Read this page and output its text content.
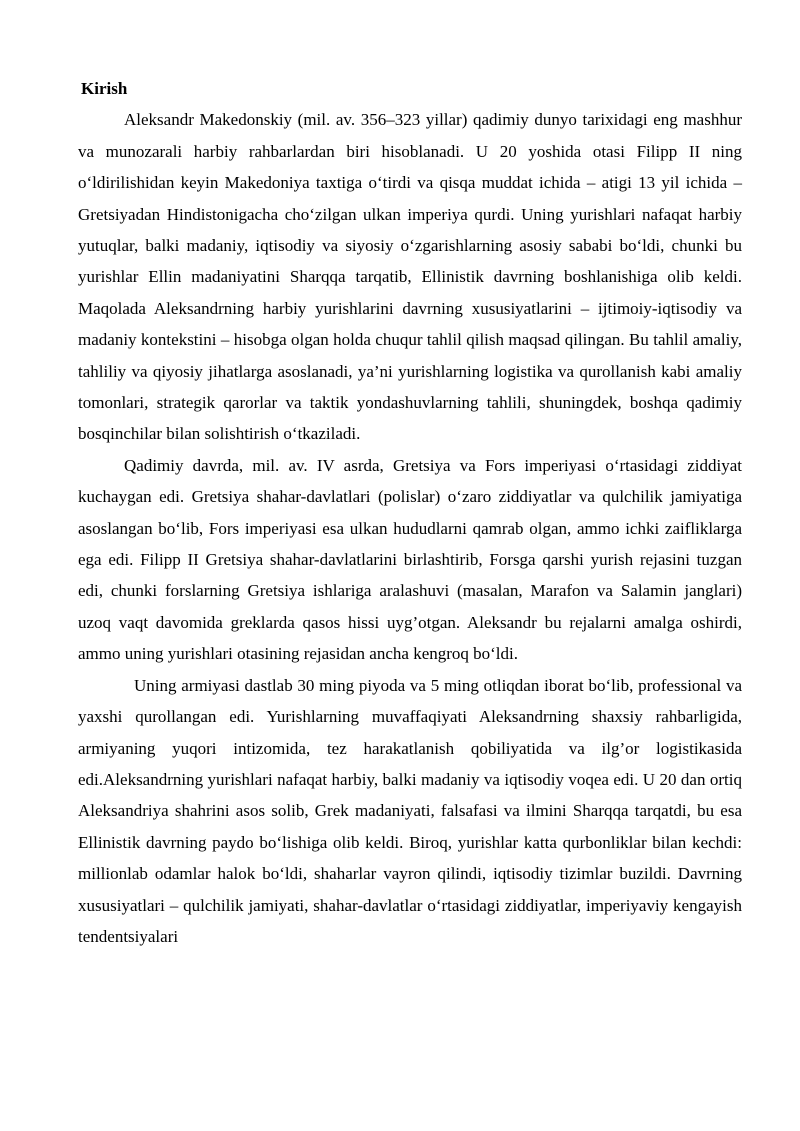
Kirish

Aleksandr Makedonskiy (mil. av. 356–323 yillar) qadimiy dunyo tarixidagi eng mashhur va munozarali harbiy rahbarlardan biri hisoblanadi. U 20 yoshida otasi Filipp II ning oʻldirilishidan keyin Makedoniya taxtiga oʻtirdi va qisqa muddat ichida – atigi 13 yil ichida – Gretsiyadan Hindistonigacha choʻzilgan ulkan imperiya qurdi. Uning yurishlari nafaqat harbiy yutuqlar, balki madaniy, iqtisodiy va siyosiy oʻzgarishlarning asosiy sababi boʻldi, chunki bu yurishlar Ellin madaniyatini Sharqqa tarqatib, Ellinistik davrning boshlanishiga olib keldi. Maqolada Aleksandrning harbiy yurishlarini davrning xususiyatlarini – ijtimoiy-iqtisodiy va madaniy kontekstini – hisobga olgan holda chuqur tahlil qilish maqsad qilingan. Bu tahlil amaliy, tahliliy va qiyosiy jihatlarga asoslanadi, ya’ni yurishlarning logistika va qurollanish kabi amaliy tomonlari, strategik qarorlar va taktik yondashuvlarning tahlili, shuningdek, boshqa qadimiy bosqinchilar bilan solishtirish oʻtkaziladi.

Qadimiy davrda, mil. av. IV asrda, Gretsiya va Fors imperiyasi oʻrtasidagi ziddiyat kuchaygan edi. Gretsiya shahar-davlatlari (polislar) oʻzaro ziddiyatlar va qulchilik jamiyatiga asoslangan boʻlib, Fors imperiyasi esa ulkan hududlarni qamrab olgan, ammo ichki zaifliklarga ega edi. Filipp II Gretsiya shahar-davlatlarini birlashtirib, Forsga qarshi yurish rejasini tuzgan edi, chunki forslarning Gretsiya ishlariga aralashuvi (masalan, Marafon va Salamin janglari) uzoq vaqt davomida greklarda qasos hissi uyg’otgan. Aleksandr bu rejalarni amalga oshirdi, ammo uning yurishlari otasining rejasidan ancha kengroq boʻldi.

Uning armiyasi dastlab 30 ming piyoda va 5 ming otliqdan iborat boʻlib, professional va yaxshi qurollangan edi. Yurishlarning muvaffaqiyati Aleksandrning shaxsiy rahbarligida, armiyaning yuqori intizomida, tez harakatlanish qobiliyatida va ilg’or logistikasida edi.Aleksandrning yurishlari nafaqat harbiy, balki madaniy va iqtisodiy voqea edi. U 20 dan ortiq Aleksandriya shahrini asos solib, Grek madaniyati, falsafasi va ilmini Sharqqa tarqatdi, bu esa Ellinistik davrning paydo boʻlishiga olib keldi. Biroq, yurishlar katta qurbonliklar bilan kechdi: millionlab odamlar halok boʻldi, shaharlar vayron qilindi, iqtisodiy tizimlar buzildi. Davrning xususiyatlari – qulchilik jamiyati, shahar-davlatlar oʻrtasidagi ziddiyatlar, imperiyaviy kengayish tendentsiyalari
